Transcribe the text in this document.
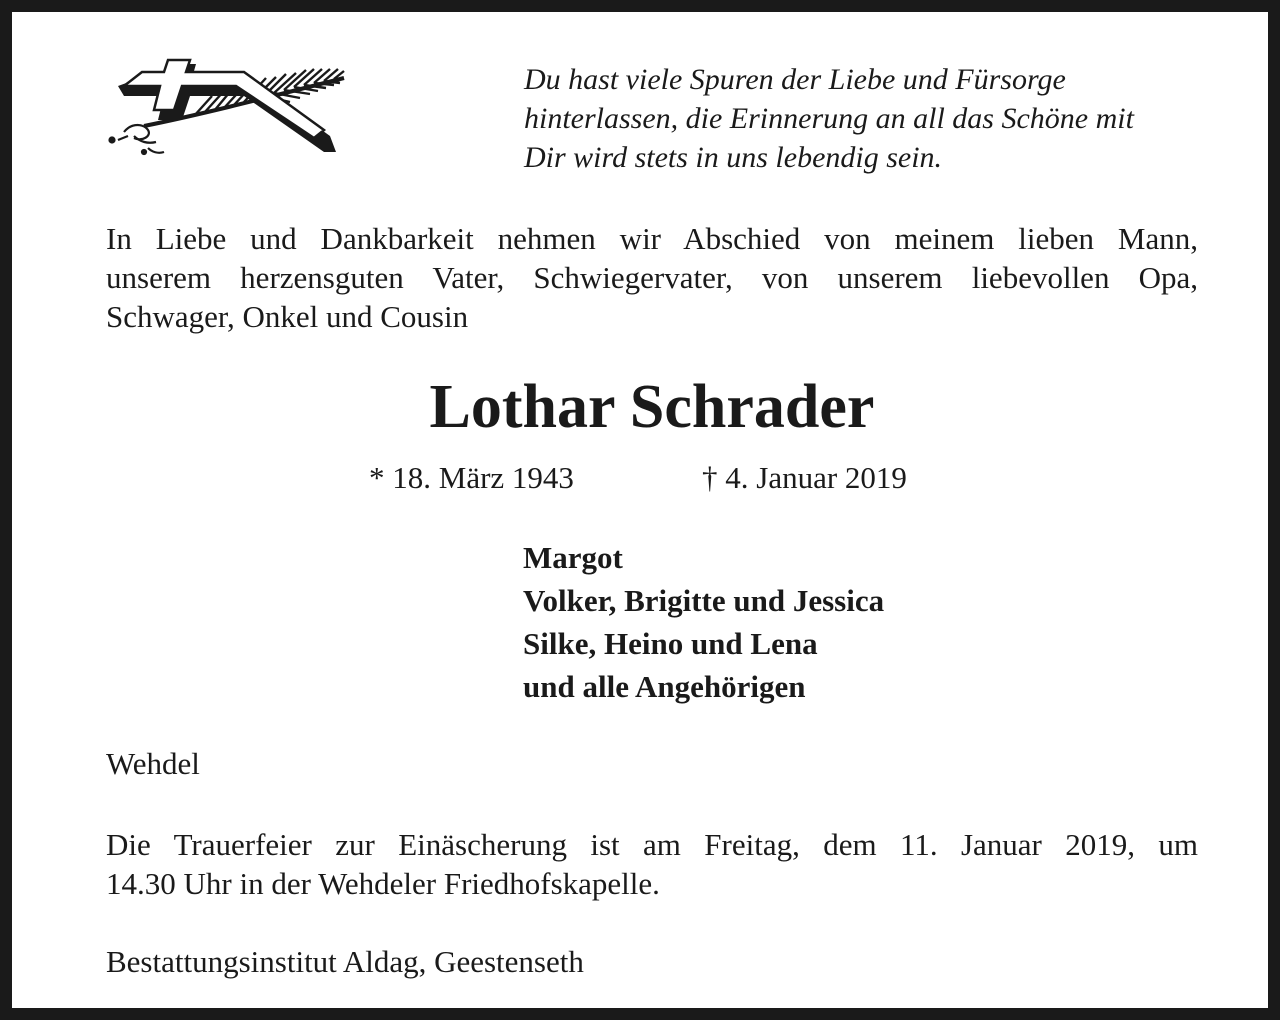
Du hast viele Spuren der Liebe und Fürsorge
hinterlassen, die Erinnerung an all das Schöne mit
Dir wird stets in uns lebendig sein.

In Liebe und Dankbarkeit nehmen wir Abschied von meinem lieben Mann,
unserem herzensguten Vater, Schwiegervater, von unserem liebevollen Opa,
Schwager, Onkel und Cousin

Lothar Schrader
* 18. März 1943	† 4. Januar 2019
Margot
Volker, Brigitte und Jessica
Silke, Heino und Lena
und alle Angehörigen
Wehdel

Die Trauerfeier zur Einäscherung ist am Freitag, dem 11. Januar 2019, um
14.30 Uhr in der Wehdeler Friedhofskapelle.

Bestattungsinstitut Aldag, Geestenseth
